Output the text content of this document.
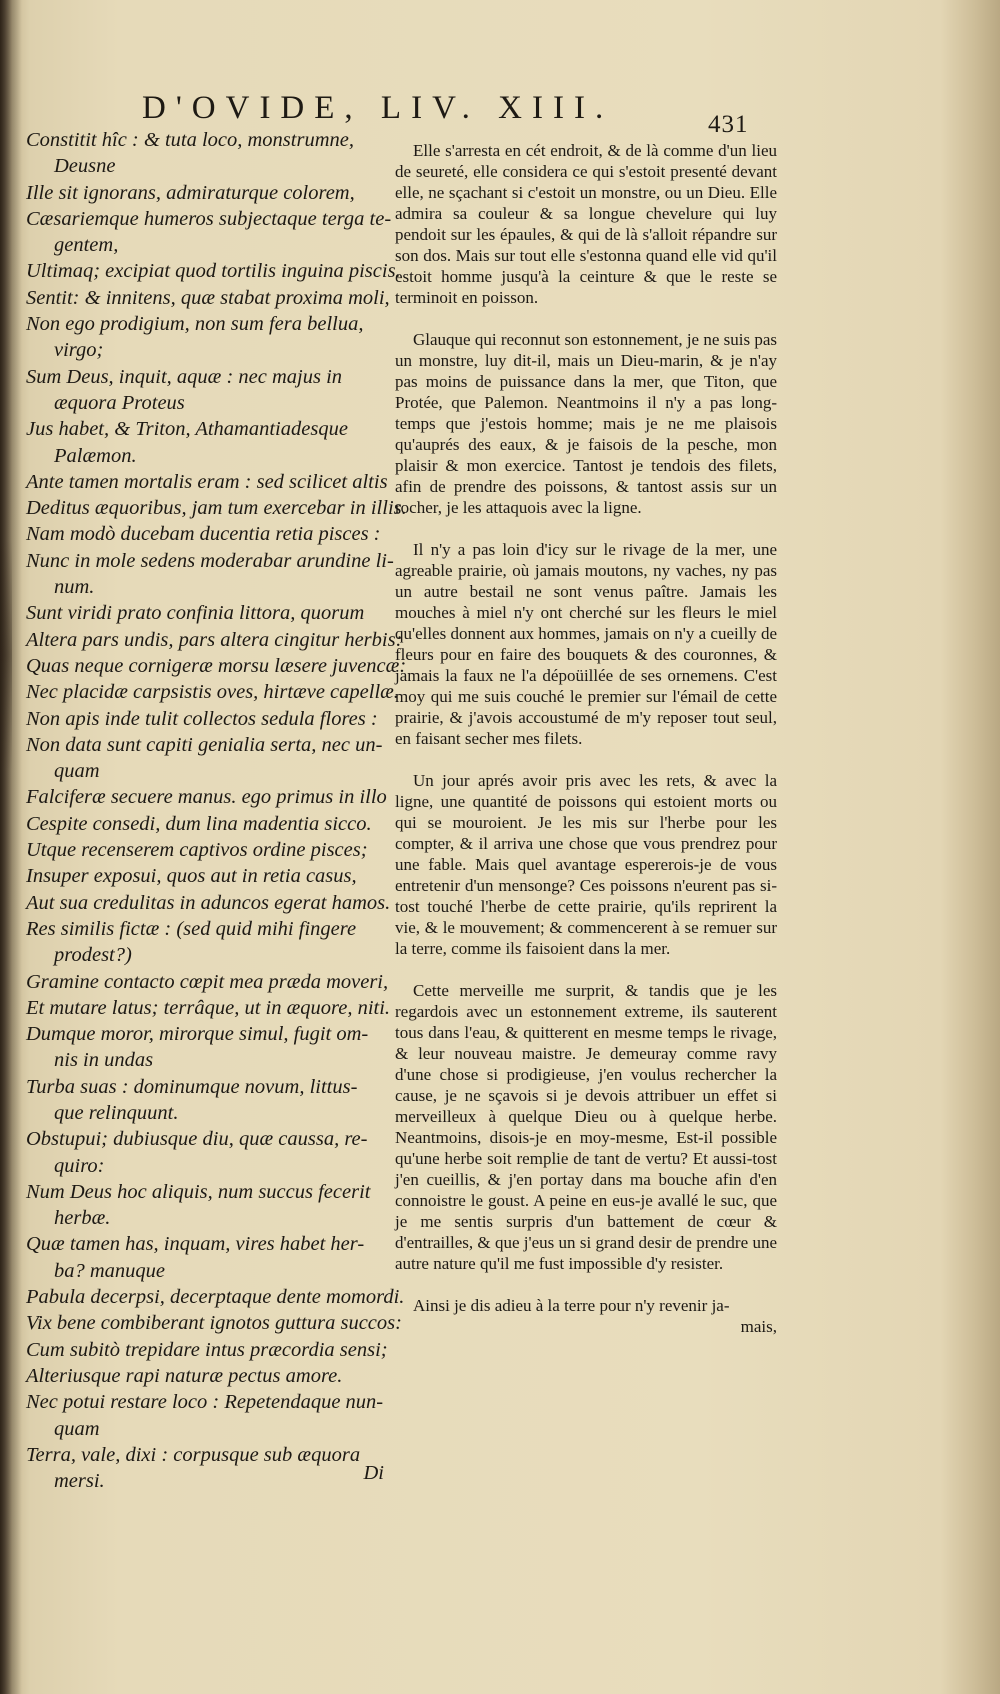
D'OVIDE, LIV. XIII.	431
Constitit hîc : & tuta loco, monstrumne,
Deusne
Ille sit ignorans, admiraturque colorem,
Cæsariemque humeros subjectaque terga te-
gentem,
Ultimaq; excipiat quod tortilis inguina piscis.
Sentit: & innitens, quæ stabat proxima moli,
Non ego prodigium, non sum fera bellua,
virgo;
Sum Deus, inquit, aquæ : nec majus in
æquora Proteus
Jus habet, & Triton, Athamantiadesque
Palæmon.
Ante tamen mortalis eram : sed scilicet altis
Deditus æquoribus, jam tum exercebar in illis.
Nam modò ducebam ducentia retia pisces :
Nunc in mole sedens moderabar arundine li-
num.
Sunt viridi prato confinia littora, quorum
Altera pars undis, pars altera cingitur herbis:
Quas neque cornigeræ morsu læsere juvencæ:
Nec placidæ carpsistis oves, hirtæve capellæ.
Non apis inde tulit collectos sedula flores :
Non data sunt capiti genialia serta, nec un-
quam
Falciferæ secuere manus. ego primus in illo
Cespite consedi, dum lina madentia sicco.
Utque recenserem captivos ordine pisces;
Insuper exposui, quos aut in retia casus,
Aut sua credulitas in aduncos egerat hamos.
Res similis fictæ : (sed quid mihi fingere
prodest?)
Gramine contacto cœpit mea præda moveri,
Et mutare latus; terrâque, ut in æquore, niti.
Dumque moror, mirorque simul, fugit om-
nis in undas
Turba suas : dominumque novum, littus-
que relinquunt.
Obstupui; dubiusque diu, quæ caussa, re-
quiro:
Num Deus hoc aliquis, num succus fecerit
herbæ.
Quæ tamen has, inquam, vires habet her-
ba? manuque
Pabula decerpsi, decerptaque dente momordi.
Vix bene combiberant ignotos guttura succos:
Cum subitò trepidare intus præcordia sensi;
Alteriusque rapi naturæ pectus amore.
Nec potui restare loco : Repetendaque nun-
quam
Terra, vale, dixi : corpusque sub æquora
mersi.	Di

Elle s'arresta en cét endroit, & de là comme d'un lieu de seureté, elle considera ce qui s'estoit presenté devant elle, ne sçachant si c'estoit un monstre, ou un Dieu. Elle admira sa couleur & sa longue chevelure qui luy pendoit sur les épaules, & qui de là s'alloit répandre sur son dos. Mais sur tout elle s'estonna quand elle vid qu'il estoit homme jusqu'à la ceinture & que le reste se terminoit en poisson.

Glauque qui reconnut son estonnement, je ne suis pas un monstre, luy dit-il, mais un Dieu-marin, & je n'ay pas moins de puissance dans la mer, que Titon, que Protée, que Palemon. Neantmoins il n'y a pas long-temps que j'estois homme; mais je ne me plaisois qu'auprés des eaux, & je faisois de la pesche, mon plaisir & mon exercice. Tantost je tendois des filets, afin de prendre des poissons, & tantost assis sur un rocher, je les attaquois avec la ligne.

Il n'y a pas loin d'icy sur le rivage de la mer, une agreable prairie, où jamais moutons, ny vaches, ny pas un autre bestail ne sont venus paître. Jamais les mouches à miel n'y ont cherché sur les fleurs le miel qu'elles donnent aux hommes, jamais on n'y a cueilly de fleurs pour en faire des bouquets & des couronnes, & jamais la faux ne l'a dépoüillée de ses ornemens. C'est moy qui me suis couché le premier sur l'émail de cette prairie, & j'avois accoustumé de m'y reposer tout seul, en faisant secher mes filets.

Un jour aprés avoir pris avec les rets, & avec la ligne, une quantité de poissons qui estoient morts ou qui se mouroient. Je les mis sur l'herbe pour les compter, & il arriva une chose que vous prendrez pour une fable. Mais quel avantage espererois-je de vous entretenir d'un mensonge? Ces poissons n'eurent pas si-tost touché l'herbe de cette prairie, qu'ils reprirent la vie, & le mouvement; & commencerent à se remuer sur la terre, comme ils faisoient dans la mer.

Cette merveille me surprit, & tandis que je les regardois avec un estonnement extreme, ils sauterent tous dans l'eau, & quitterent en mesme temps le rivage, & leur nouveau maistre. Je demeuray comme ravy d'une chose si prodigieuse, j'en voulus rechercher la cause, je ne sçavois si je devois attribuer un effet si merveilleux à quelque Dieu ou à quelque herbe. Neantmoins, disois-je en moy-mesme, Est-il possible qu'une herbe soit remplie de tant de vertu? Et aussi-tost j'en cueillis, & j'en portay dans ma bouche afin d'en connoistre le goust. A peine en eus-je avallé le suc, que je me sentis surpris d'un battement de cœur & d'entrailles, & que j'eus un si grand desir de prendre une autre nature qu'il me fust impossible d'y resister.

Ainsi je dis adieu à la terre pour n'y revenir ja-

mais,
